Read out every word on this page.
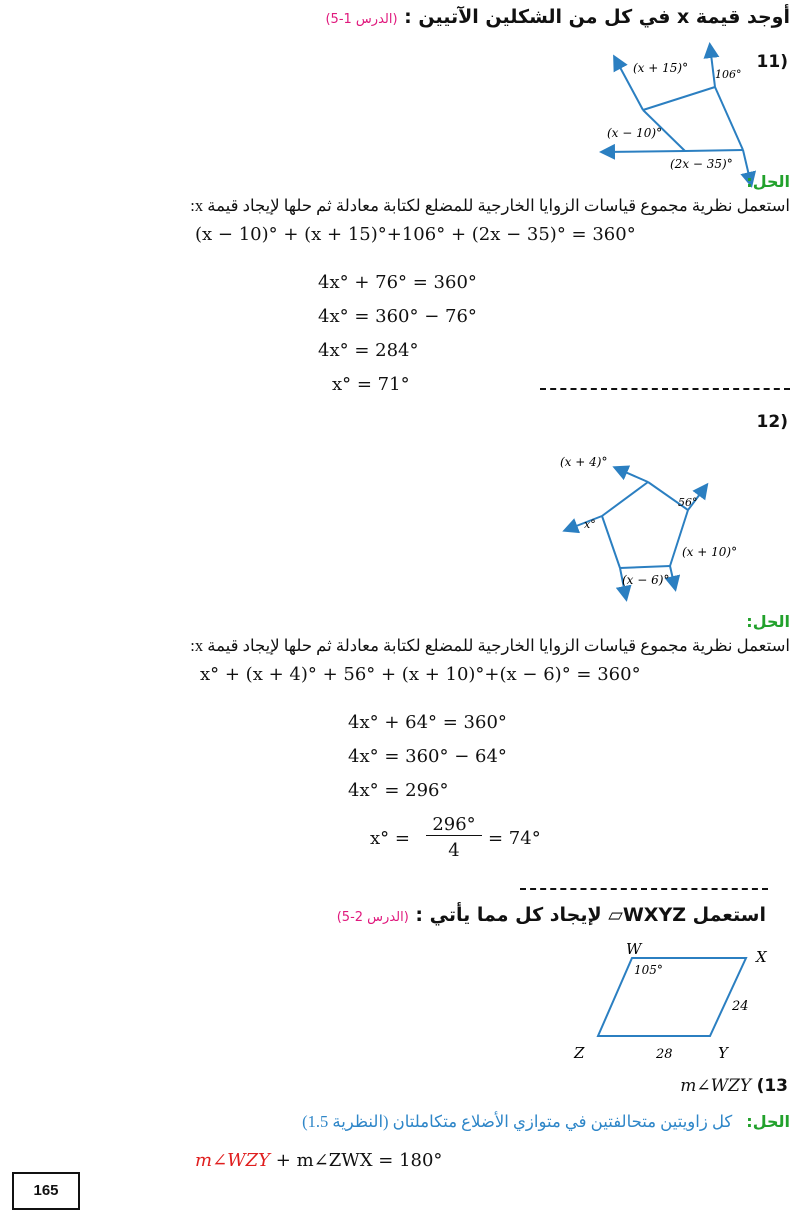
أوجد قيمة x في كل من الشكلين الآتيين : (الدرس 1-5)
(11
(x + 15)° 106°
(x − 10)°
(2x − 35)°
الحل:
استعمل نظرية مجموع قياسات الزوايا الخارجية للمضلع لكتابة معادلة ثم حلها لإيجاد قيمة x:
(x − 10)° + (x + 15)°+106° + (2x − 35)° = 360°
4x° + 76° = 360°
4x° = 360° − 76°
4x° = 284°
x° = 71°
(12
(x + 4)°
56°
x°
(x + 10)°
(x − 6)°
الحل:
استعمل نظرية مجموع قياسات الزوايا الخارجية للمضلع لكتابة معادلة ثم حلها لإيجاد قيمة x:
x° + (x + 4)° + 56° + (x + 10)°+(x − 6)° = 360°
4x° + 64° = 360°
4x° = 360° − 64°
4x° = 296°
x° =
296°
4
= 74°
استعمل WXYZ▱ لإيجاد كل مما يأتي : (الدرس 2-5)
W	X
Y
Z
105°
24
28
m∠WZY (13
الحل: كل زاويتين متحالفتين في متوازي الأضلاع متكاملتان (النظرية 1.5)
m∠WZY + m∠ZWX = 180°
165
